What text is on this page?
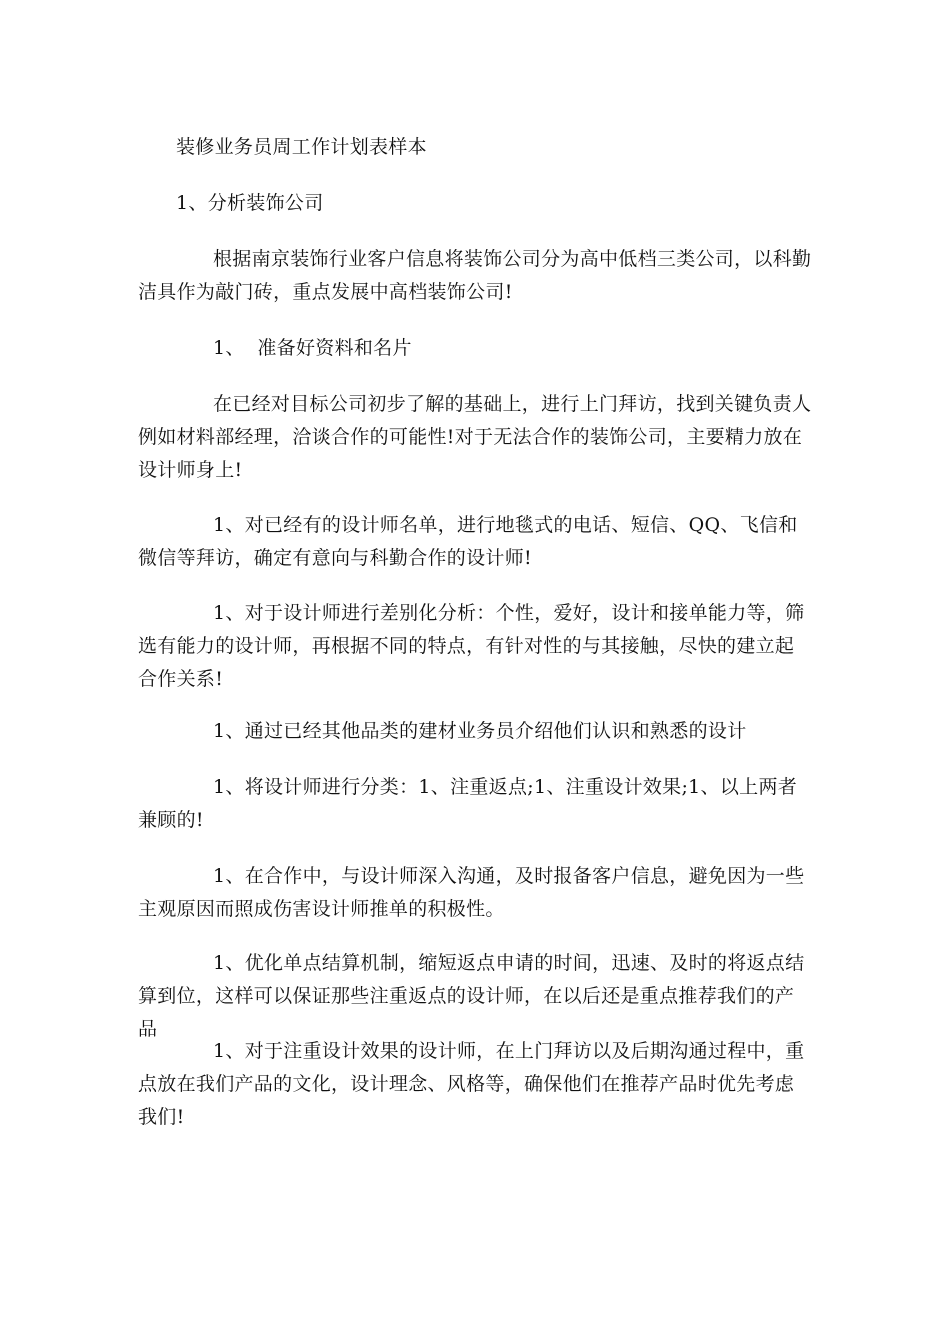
装修业务员周工作计划表样本
1、分析装饰公司
根据南京装饰行业客户信息将装饰公司分为高中低档三类公司，以科勤洁具作为敲门砖，重点发展中高档装饰公司!
1、  准备好资料和名片
在已经对目标公司初步了解的基础上，进行上门拜访，找到关键负责人例如材料部经理，洽谈合作的可能性!对于无法合作的装饰公司，主要精力放在设计师身上!
1、对已经有的设计师名单，进行地毯式的电话、短信、QQ、飞信和微信等拜访，确定有意向与科勤合作的设计师!
1、对于设计师进行差别化分析：个性，爱好，设计和接单能力等，筛选有能力的设计师，再根据不同的特点，有针对性的与其接触，尽快的建立起合作关系!
1、通过已经其他品类的建材业务员介绍他们认识和熟悉的设计
1、将设计师进行分类：1、注重返点;1、注重设计效果;1、以上两者兼顾的!
1、在合作中，与设计师深入沟通，及时报备客户信息，避免因为一些主观原因而照成伤害设计师推单的积极性。
1、优化单点结算机制，缩短返点申请的时间，迅速、及时的将返点结算到位，这样可以保证那些注重返点的设计师，在以后还是重点推荐我们的产品
1、对于注重设计效果的设计师，在上门拜访以及后期沟通过程中，重点放在我们产品的文化，设计理念、风格等，确保他们在推荐产品时优先考虑我们!
